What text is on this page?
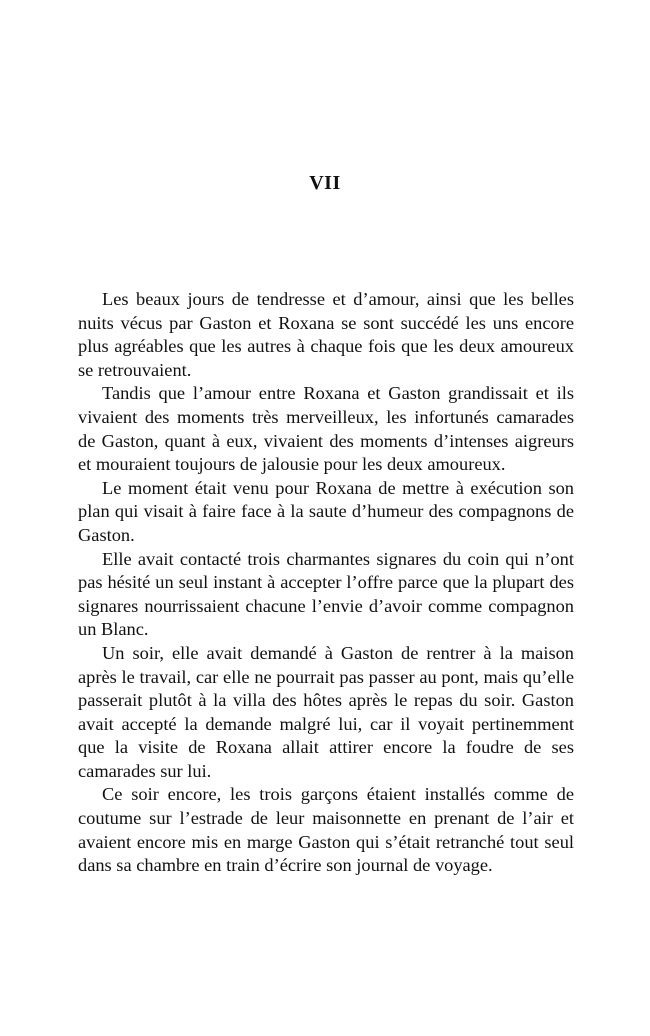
VII

Les beaux jours de tendresse et d’amour, ainsi que les belles nuits vécus par Gaston et Roxana se sont succédé les uns encore plus agréables que les autres à chaque fois que les deux amoureux se retrouvaient.

Tandis que l’amour entre Roxana et Gaston grandissait et ils vivaient des moments très merveilleux, les infortunés camarades de Gaston, quant à eux, vivaient des moments d’intenses aigreurs et mouraient toujours de jalousie pour les deux amoureux.

Le moment était venu pour Roxana de mettre à exécution son plan qui visait à faire face à la saute d’humeur des compagnons de Gaston.

Elle avait contacté trois charmantes signares du coin qui n’ont pas hésité un seul instant à accepter l’offre parce que la plupart des signares nourrissaient chacune l’envie d’avoir comme compagnon un Blanc.

Un soir, elle avait demandé à Gaston de rentrer à la maison après le travail, car elle ne pourrait pas passer au pont, mais qu’elle passerait plutôt à la villa des hôtes après le repas du soir. Gaston avait accepté la demande malgré lui, car il voyait pertinemment que la visite de Roxana allait attirer encore la foudre de ses camarades sur lui.

Ce soir encore, les trois garçons étaient installés comme de coutume sur l’estrade de leur maisonnette en prenant de l’air et avaient encore mis en marge Gaston qui s’était retranché tout seul dans sa chambre en train d’écrire son journal de voyage.
